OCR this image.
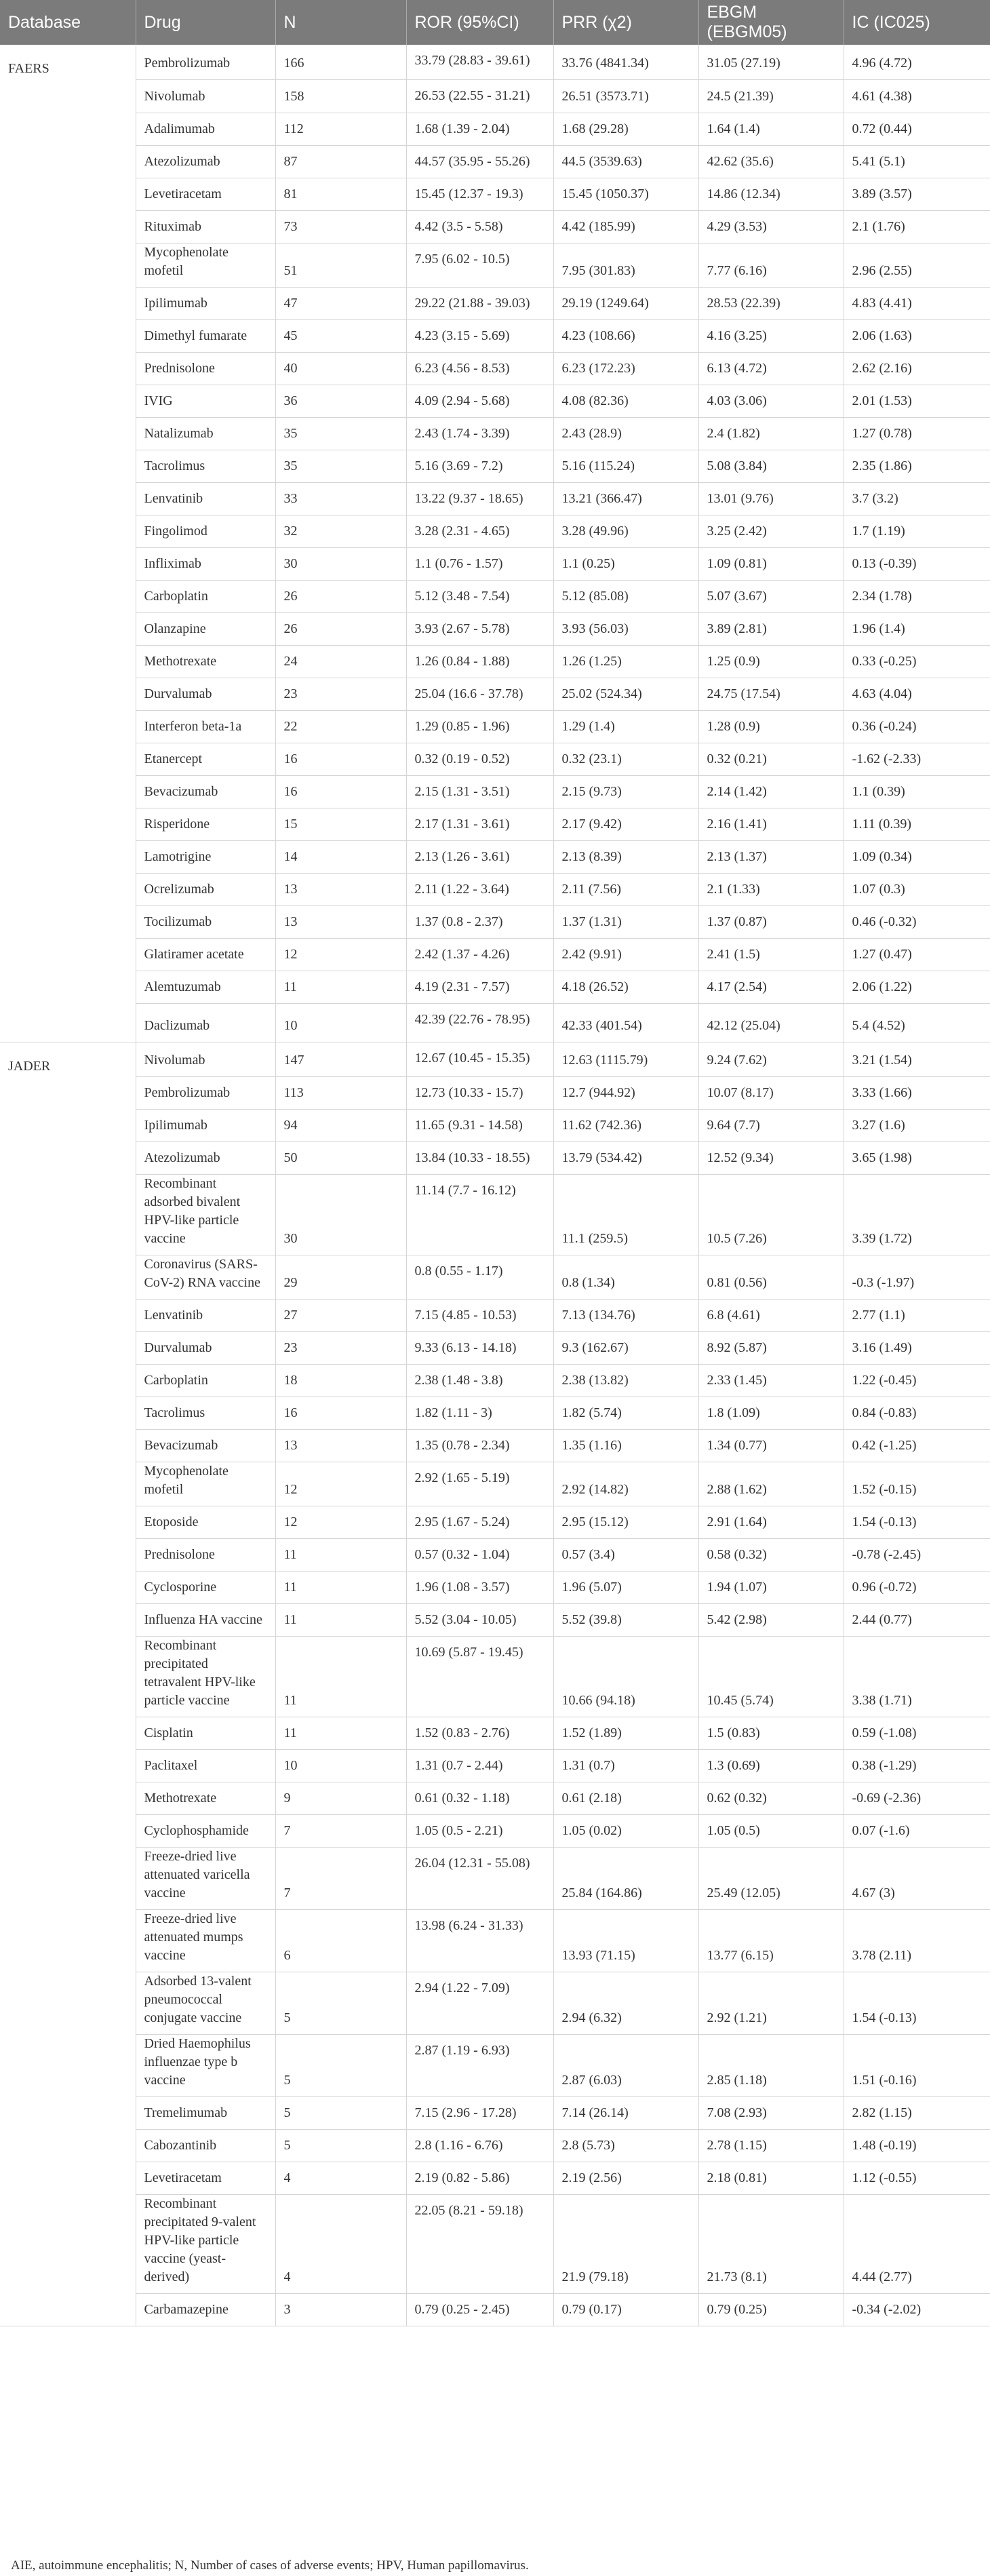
Database	Drug	N	ROR (95%CI)	PRR (χ2)	EBGM (EBGM05)	IC (IC025)
FAERS	Pembrolizumab	166	33.79 (28.83 - 39.61)	33.76 (4841.34)	31.05 (27.19)	4.96 (4.72)
	Nivolumab	158	26.53 (22.55 - 31.21)	26.51 (3573.71)	24.5 (21.39)	4.61 (4.38)
	Adalimumab	112	1.68 (1.39 - 2.04)	1.68 (29.28)	1.64 (1.4)	0.72 (0.44)
	Atezolizumab	87	44.57 (35.95 - 55.26)	44.5 (3539.63)	42.62 (35.6)	5.41 (5.1)
	Levetiracetam	81	15.45 (12.37 - 19.3)	15.45 (1050.37)	14.86 (12.34)	3.89 (3.57)
	Rituximab	73	4.42 (3.5 - 5.58)	4.42 (185.99)	4.29 (3.53)	2.1 (1.76)
	Mycophenolate mofetil	51	7.95 (6.02 - 10.5)	7.95 (301.83)	7.77 (6.16)	2.96 (2.55)
	Ipilimumab	47	29.22 (21.88 - 39.03)	29.19 (1249.64)	28.53 (22.39)	4.83 (4.41)
	Dimethyl fumarate	45	4.23 (3.15 - 5.69)	4.23 (108.66)	4.16 (3.25)	2.06 (1.63)
	Prednisolone	40	6.23 (4.56 - 8.53)	6.23 (172.23)	6.13 (4.72)	2.62 (2.16)
	IVIG	36	4.09 (2.94 - 5.68)	4.08 (82.36)	4.03 (3.06)	2.01 (1.53)
	Natalizumab	35	2.43 (1.74 - 3.39)	2.43 (28.9)	2.4 (1.82)	1.27 (0.78)
	Tacrolimus	35	5.16 (3.69 - 7.2)	5.16 (115.24)	5.08 (3.84)	2.35 (1.86)
	Lenvatinib	33	13.22 (9.37 - 18.65)	13.21 (366.47)	13.01 (9.76)	3.7 (3.2)
	Fingolimod	32	3.28 (2.31 - 4.65)	3.28 (49.96)	3.25 (2.42)	1.7 (1.19)
	Infliximab	30	1.1 (0.76 - 1.57)	1.1 (0.25)	1.09 (0.81)	0.13 (-0.39)
	Carboplatin	26	5.12 (3.48 - 7.54)	5.12 (85.08)	5.07 (3.67)	2.34 (1.78)
	Olanzapine	26	3.93 (2.67 - 5.78)	3.93 (56.03)	3.89 (2.81)	1.96 (1.4)
	Methotrexate	24	1.26 (0.84 - 1.88)	1.26 (1.25)	1.25 (0.9)	0.33 (-0.25)
	Durvalumab	23	25.04 (16.6 - 37.78)	25.02 (524.34)	24.75 (17.54)	4.63 (4.04)
	Interferon beta-1a	22	1.29 (0.85 - 1.96)	1.29 (1.4)	1.28 (0.9)	0.36 (-0.24)
	Etanercept	16	0.32 (0.19 - 0.52)	0.32 (23.1)	0.32 (0.21)	-1.62 (-2.33)
	Bevacizumab	16	2.15 (1.31 - 3.51)	2.15 (9.73)	2.14 (1.42)	1.1 (0.39)
	Risperidone	15	2.17 (1.31 - 3.61)	2.17 (9.42)	2.16 (1.41)	1.11 (0.39)
	Lamotrigine	14	2.13 (1.26 - 3.61)	2.13 (8.39)	2.13 (1.37)	1.09 (0.34)
	Ocrelizumab	13	2.11 (1.22 - 3.64)	2.11 (7.56)	2.1 (1.33)	1.07 (0.3)
	Tocilizumab	13	1.37 (0.8 - 2.37)	1.37 (1.31)	1.37 (0.87)	0.46 (-0.32)
	Glatiramer acetate	12	2.42 (1.37 - 4.26)	2.42 (9.91)	2.41 (1.5)	1.27 (0.47)
	Alemtuzumab	11	4.19 (2.31 - 7.57)	4.18 (26.52)	4.17 (2.54)	2.06 (1.22)
	Daclizumab	10	42.39 (22.76 - 78.95)	42.33 (401.54)	42.12 (25.04)	5.4 (4.52)
JADER	Nivolumab	147	12.67 (10.45 - 15.35)	12.63 (1115.79)	9.24 (7.62)	3.21 (1.54)
	Pembrolizumab	113	12.73 (10.33 - 15.7)	12.7 (944.92)	10.07 (8.17)	3.33 (1.66)
	Ipilimumab	94	11.65 (9.31 - 14.58)	11.62 (742.36)	9.64 (7.7)	3.27 (1.6)
	Atezolizumab	50	13.84 (10.33 - 18.55)	13.79 (534.42)	12.52 (9.34)	3.65 (1.98)
	Recombinant adsorbed bivalent HPV-like particle vaccine	30	11.14 (7.7 - 16.12)	11.1 (259.5)	10.5 (7.26)	3.39 (1.72)
	Coronavirus (SARS-CoV-2) RNA vaccine	29	0.8 (0.55 - 1.17)	0.8 (1.34)	0.81 (0.56)	-0.3 (-1.97)
	Lenvatinib	27	7.15 (4.85 - 10.53)	7.13 (134.76)	6.8 (4.61)	2.77 (1.1)
	Durvalumab	23	9.33 (6.13 - 14.18)	9.3 (162.67)	8.92 (5.87)	3.16 (1.49)
	Carboplatin	18	2.38 (1.48 - 3.8)	2.38 (13.82)	2.33 (1.45)	1.22 (-0.45)
	Tacrolimus	16	1.82 (1.11 - 3)	1.82 (5.74)	1.8 (1.09)	0.84 (-0.83)
	Bevacizumab	13	1.35 (0.78 - 2.34)	1.35 (1.16)	1.34 (0.77)	0.42 (-1.25)
	Mycophenolate mofetil	12	2.92 (1.65 - 5.19)	2.92 (14.82)	2.88 (1.62)	1.52 (-0.15)
	Etoposide	12	2.95 (1.67 - 5.24)	2.95 (15.12)	2.91 (1.64)	1.54 (-0.13)
	Prednisolone	11	0.57 (0.32 - 1.04)	0.57 (3.4)	0.58 (0.32)	-0.78 (-2.45)
	Cyclosporine	11	1.96 (1.08 - 3.57)	1.96 (5.07)	1.94 (1.07)	0.96 (-0.72)
	Influenza HA vaccine	11	5.52 (3.04 - 10.05)	5.52 (39.8)	5.42 (2.98)	2.44 (0.77)
	Recombinant precipitated tetravalent HPV-like particle vaccine	11	10.69 (5.87 - 19.45)	10.66 (94.18)	10.45 (5.74)	3.38 (1.71)
	Cisplatin	11	1.52 (0.83 - 2.76)	1.52 (1.89)	1.5 (0.83)	0.59 (-1.08)
	Paclitaxel	10	1.31 (0.7 - 2.44)	1.31 (0.7)	1.3 (0.69)	0.38 (-1.29)
	Methotrexate	9	0.61 (0.32 - 1.18)	0.61 (2.18)	0.62 (0.32)	-0.69 (-2.36)
	Cyclophosphamide	7	1.05 (0.5 - 2.21)	1.05 (0.02)	1.05 (0.5)	0.07 (-1.6)
	Freeze-dried live attenuated varicella vaccine	7	26.04 (12.31 - 55.08)	25.84 (164.86)	25.49 (12.05)	4.67 (3)
	Freeze-dried live attenuated mumps vaccine	6	13.98 (6.24 - 31.33)	13.93 (71.15)	13.77 (6.15)	3.78 (2.11)
	Adsorbed 13-valent pneumococcal conjugate vaccine	5	2.94 (1.22 - 7.09)	2.94 (6.32)	2.92 (1.21)	1.54 (-0.13)
	Dried Haemophilus influenzae type b vaccine	5	2.87 (1.19 - 6.93)	2.87 (6.03)	2.85 (1.18)	1.51 (-0.16)
	Tremelimumab	5	7.15 (2.96 - 17.28)	7.14 (26.14)	7.08 (2.93)	2.82 (1.15)
	Cabozantinib	5	2.8 (1.16 - 6.76)	2.8 (5.73)	2.78 (1.15)	1.48 (-0.19)
	Levetiracetam	4	2.19 (0.82 - 5.86)	2.19 (2.56)	2.18 (0.81)	1.12 (-0.55)
	Recombinant precipitated 9-valent HPV-like particle vaccine (yeast-derived)	4	22.05 (8.21 - 59.18)	21.9 (79.18)	21.73 (8.1)	4.44 (2.77)
	Carbamazepine	3	0.79 (0.25 - 2.45)	0.79 (0.17)	0.79 (0.25)	-0.34 (-2.02)
AIE, autoimmune encephalitis; N, Number of cases of adverse events; HPV, Human papillomavirus.
